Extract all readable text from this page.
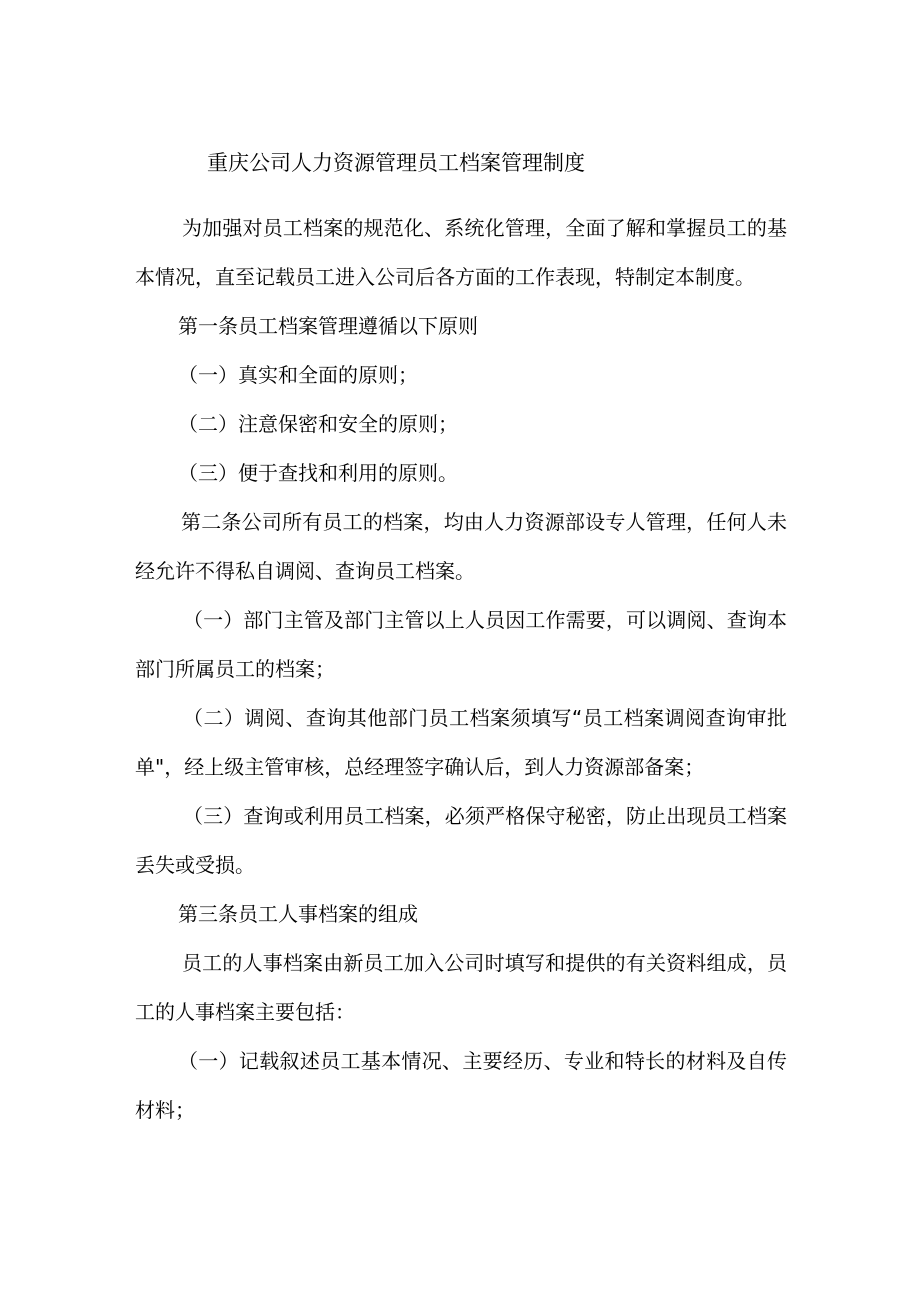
重庆公司人力资源管理员工档案管理制度

为加强对员工档案的规范化、系统化管理，全面了解和掌握员工的基本情况，直至记载员工进入公司后各方面的工作表现，特制定本制度。

第一条员工档案管理遵循以下原则

（一）真实和全面的原则；

（二）注意保密和安全的原则；

（三）便于查找和利用的原则。

第二条公司所有员工的档案，均由人力资源部设专人管理，任何人未经允许不得私自调阅、查询员工档案。

（一）部门主管及部门主管以上人员因工作需要，可以调阅、查询本部门所属员工的档案；

（二）调阅、查询其他部门员工档案须填写“员工档案调阅查询审批单"，经上级主管审核，总经理签字确认后，到人力资源部备案；

（三）查询或利用员工档案，必须严格保守秘密，防止出现员工档案丢失或受损。

第三条员工人事档案的组成

员工的人事档案由新员工加入公司时填写和提供的有关资料组成，员工的人事档案主要包括：

（一）记载叙述员工基本情况、主要经历、专业和特长的材料及自传材料；
